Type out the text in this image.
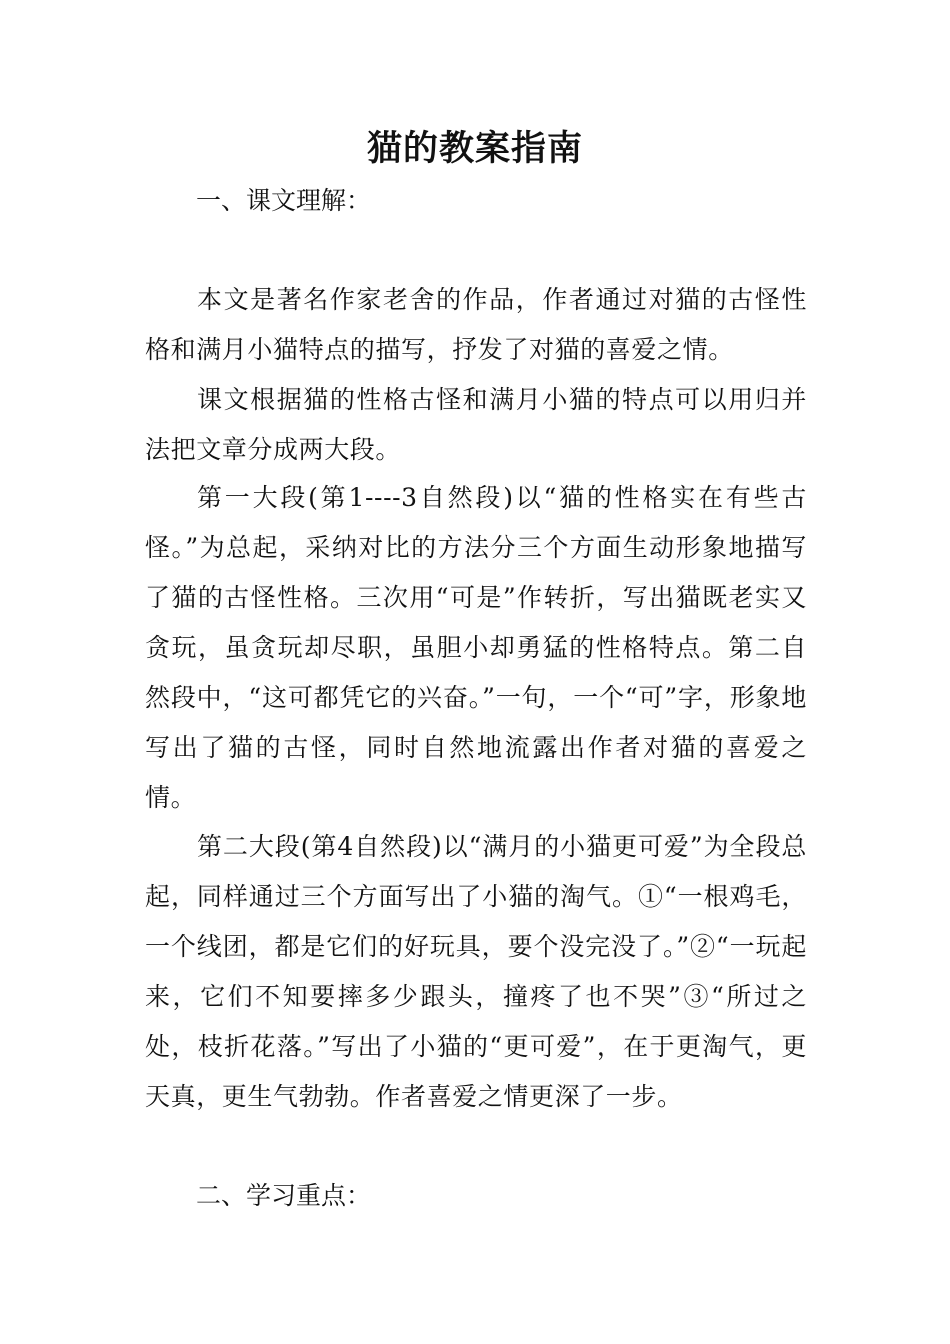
猫的教案指南

一、课文理解：

本文是著名作家老舍的作品，作者通过对猫的古怪性格和满月小猫特点的描写，抒发了对猫的喜爱之情。

课文根据猫的性格古怪和满月小猫的特点可以用归并法把文章分成两大段。

第一大段(第1----3自然段)以“猫的性格实在有些古怪。”为总起，采纳对比的方法分三个方面生动形象地描写了猫的古怪性格。三次用“可是”作转折，写出猫既老实又贪玩，虽贪玩却尽职，虽胆小却勇猛的性格特点。第二自然段中，“这可都凭它的兴奋。”一句，一个“可”字，形象地写出了猫的古怪，同时自然地流露出作者对猫的喜爱之情。

第二大段(第4自然段)以“满月的小猫更可爱”为全段总起，同样通过三个方面写出了小猫的淘气。①“一根鸡毛，一个线团，都是它们的好玩具，要个没完没了。”②“一玩起来，它们不知要摔多少跟头，撞疼了也不哭”③“所过之处，枝折花落。”写出了小猫的“更可爱”，在于更淘气，更天真，更生气勃勃。作者喜爱之情更深了一步。

二、学习重点：
